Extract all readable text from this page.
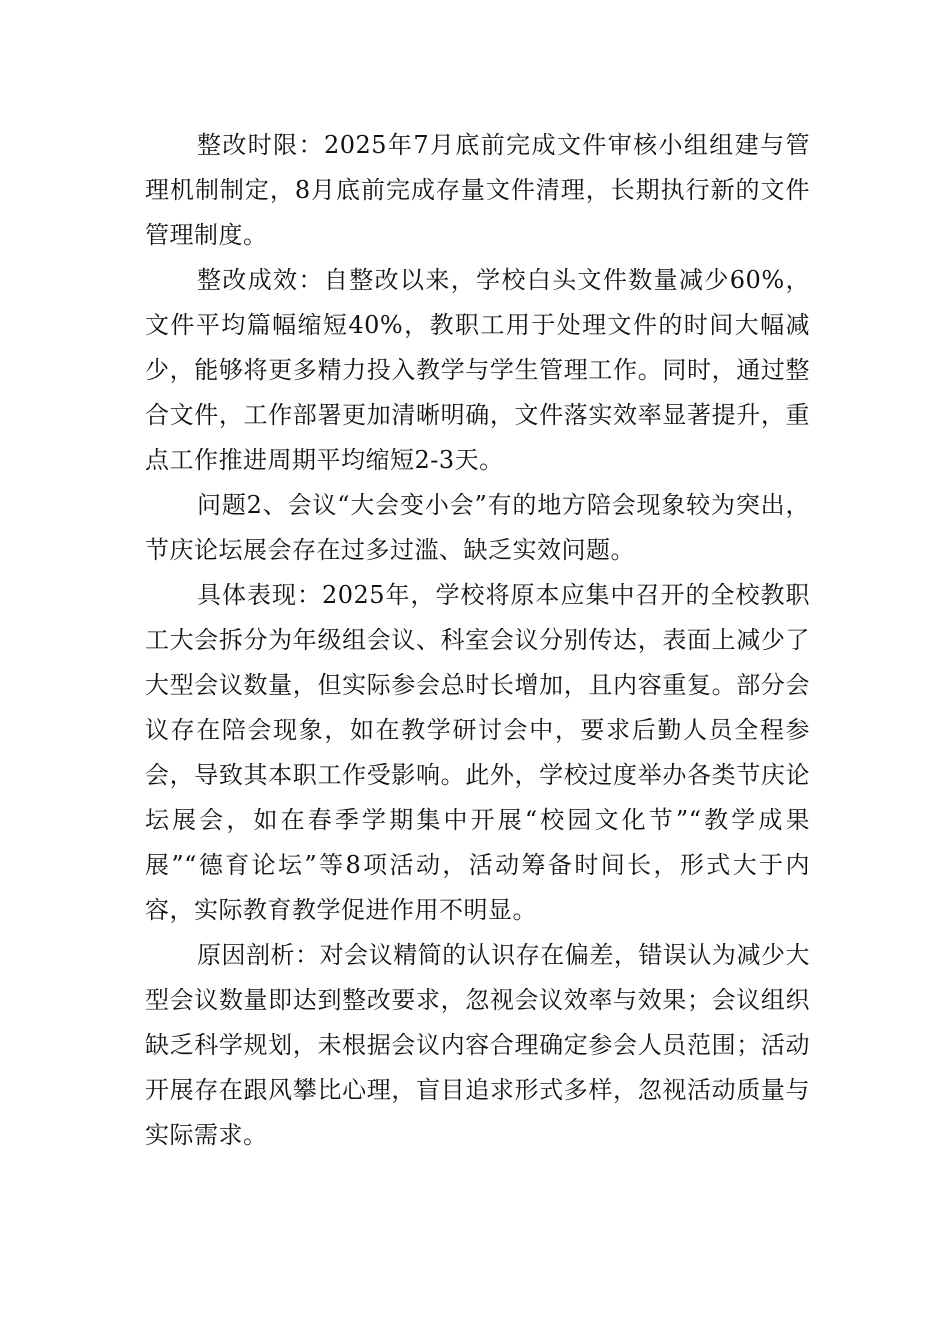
整改时限：2025年7月底前完成文件审核小组组建与管理机制制定，8月底前完成存量文件清理，长期执行新的文件管理制度。

整改成效：自整改以来，学校白头文件数量减少60%，文件平均篇幅缩短40%，教职工用于处理文件的时间大幅减少，能够将更多精力投入教学与学生管理工作。同时，通过整合文件，工作部署更加清晰明确，文件落实效率显著提升，重点工作推进周期平均缩短2-3天。

问题2、会议“大会变小会”有的地方陪会现象较为突出，节庆论坛展会存在过多过滥、缺乏实效问题。

具体表现：2025年，学校将原本应集中召开的全校教职工大会拆分为年级组会议、科室会议分别传达，表面上减少了大型会议数量，但实际参会总时长增加，且内容重复。部分会议存在陪会现象，如在教学研讨会中，要求后勤人员全程参会，导致其本职工作受影响。此外，学校过度举办各类节庆论坛展会，如在春季学期集中开展“校园文化节”“教学成果展”“德育论坛”等8项活动，活动筹备时间长，形式大于内容，实际教育教学促进作用不明显。

原因剖析：对会议精简的认识存在偏差，错误认为减少大型会议数量即达到整改要求，忽视会议效率与效果；会议组织缺乏科学规划，未根据会议内容合理确定参会人员范围；活动开展存在跟风攀比心理，盲目追求形式多样，忽视活动质量与实际需求。
